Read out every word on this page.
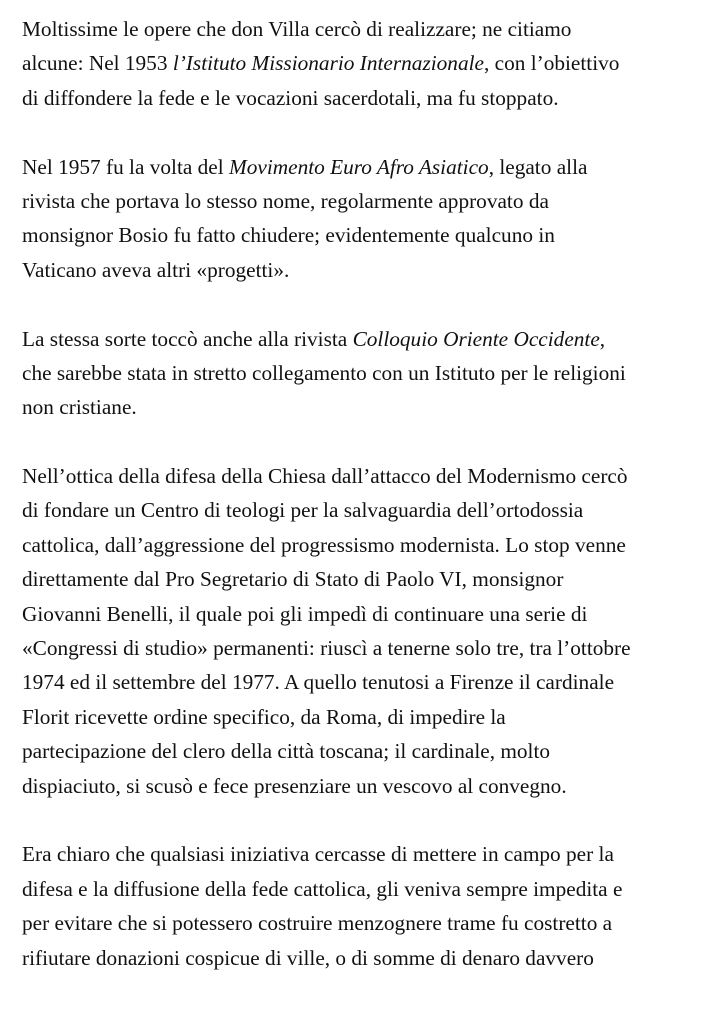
Moltissime le opere che don Villa cercò di realizzare; ne citiamo
alcune: Nel 1953 l’Istituto Missionario Internazionale, con l’obiettivo
di diffondere la fede e le vocazioni sacerdotali, ma fu stoppato.

Nel 1957 fu la volta del Movimento Euro Afro Asiatico, legato alla
rivista che portava lo stesso nome, regolarmente approvato da
monsignor Bosio fu fatto chiudere; evidentemente qualcuno in
Vaticano aveva altri «progetti».

La stessa sorte toccò anche alla rivista Colloquio Oriente Occidente,
che sarebbe stata in stretto collegamento con un Istituto per le religioni
non cristiane.

Nell’ottica della difesa della Chiesa dall’attacco del Modernismo cercò
di fondare un Centro di teologi per la salvaguardia dell’ortodossia
cattolica, dall’aggressione del progressismo modernista. Lo stop venne
direttamente dal Pro Segretario di Stato di Paolo VI, monsignor
Giovanni Benelli, il quale poi gli impedì di continuare una serie di
«Congressi di studio» permanenti: riuscì a tenerne solo tre, tra l’ottobre
1974 ed il settembre del 1977. A quello tenutosi a Firenze il cardinale
Florit ricevette ordine specifico, da Roma, di impedire la
partecipazione del clero della città toscana; il cardinale, molto
dispiaciuto, si scusò e fece presenziare un vescovo al convegno.

Era chiaro che qualsiasi iniziativa cercasse di mettere in campo per la
difesa e la diffusione della fede cattolica, gli veniva sempre impedita e
per evitare che si potessero costruire menzognere trame fu costretto a
rifiutare donazioni cospicue di ville, o di somme di denaro davvero
